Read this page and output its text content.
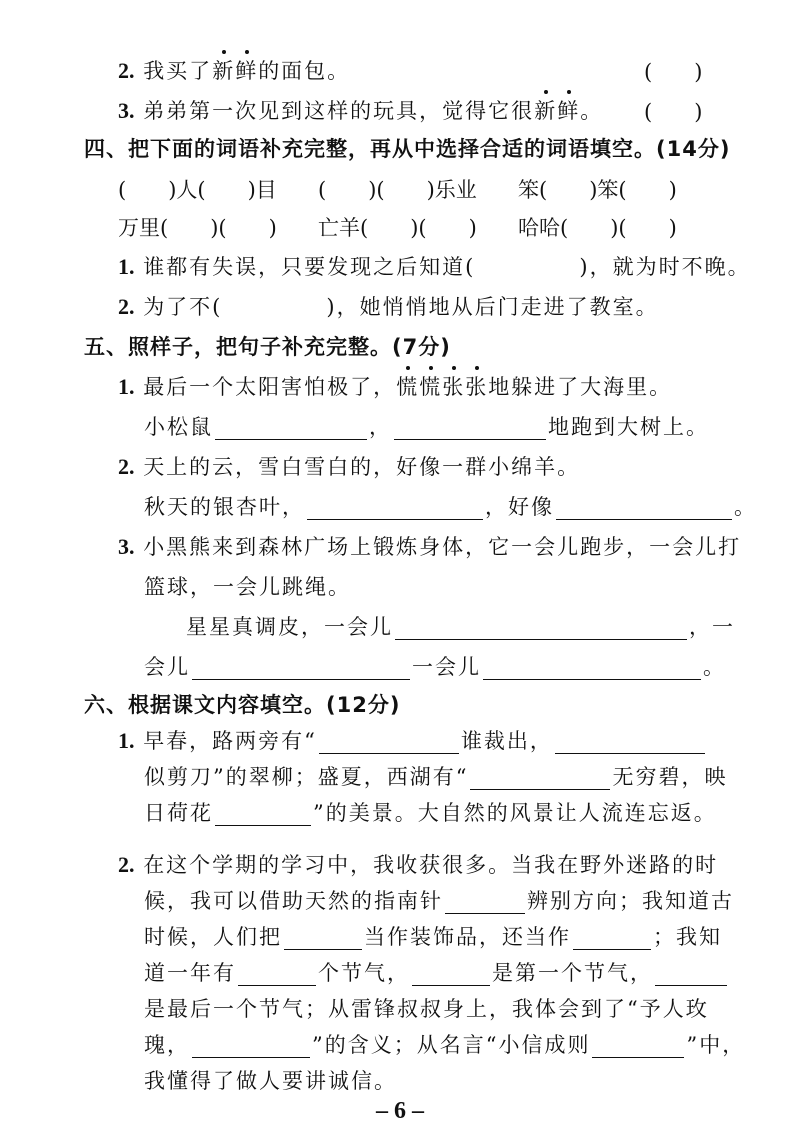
2. 我买了新鲜的面包。	(　　)
3. 弟弟第一次见到这样的玩具，觉得它很新鲜。 (　　)
四、把下面的词语补充完整，再从中选择合适的词语填空。(14分)
(　　)人(　　)目 (　　)(　　)乐业 笨(　　)笨(　　)
万里(　　)(　　) 亡羊(　　)(　　) 哈哈(　　)(　　)
1. 谁都有失误，只要发现之后知道(	)，就为时不晚。
2. 为了不(	)，她悄悄地从后门走进了教室。
五、照样子，把句子补充完整。(7分)
1. 最后一个太阳害怕极了，慌慌张张地躲进了大海里。
小松鼠	，	地跑到大树上。
2. 天上的云，雪白雪白的，好像一群小绵羊。
秋天的银杏叶，	，好像	。
3. 小黑熊来到森林广场上锻炼身体，它一会儿跑步，一会儿打
篮球，一会儿跳绳。
星星真调皮，一会儿	，一
会儿	一会儿	。
六、根据课文内容填空。(12分)
1. 早春，路两旁有“	谁裁出，
似剪刀”的翠柳；盛夏，西湖有“	无穷碧，映
日荷花	”的美景。大自然的风景让人流连忘返。
2. 在这个学期的学习中，我收获很多。当我在野外迷路的时
候，我可以借助天然的指南针	辨别方向；我知道古
时候，人们把	当作装饰品，还当作	；我知
道一年有	个节气，	是第一个节气，
是最后一个节气；从雷锋叔叔身上，我体会到了“予人玫
– 6 –
瑰，	”的含义；从名言“小信成则	”中，
我懂得了做人要讲诚信。
